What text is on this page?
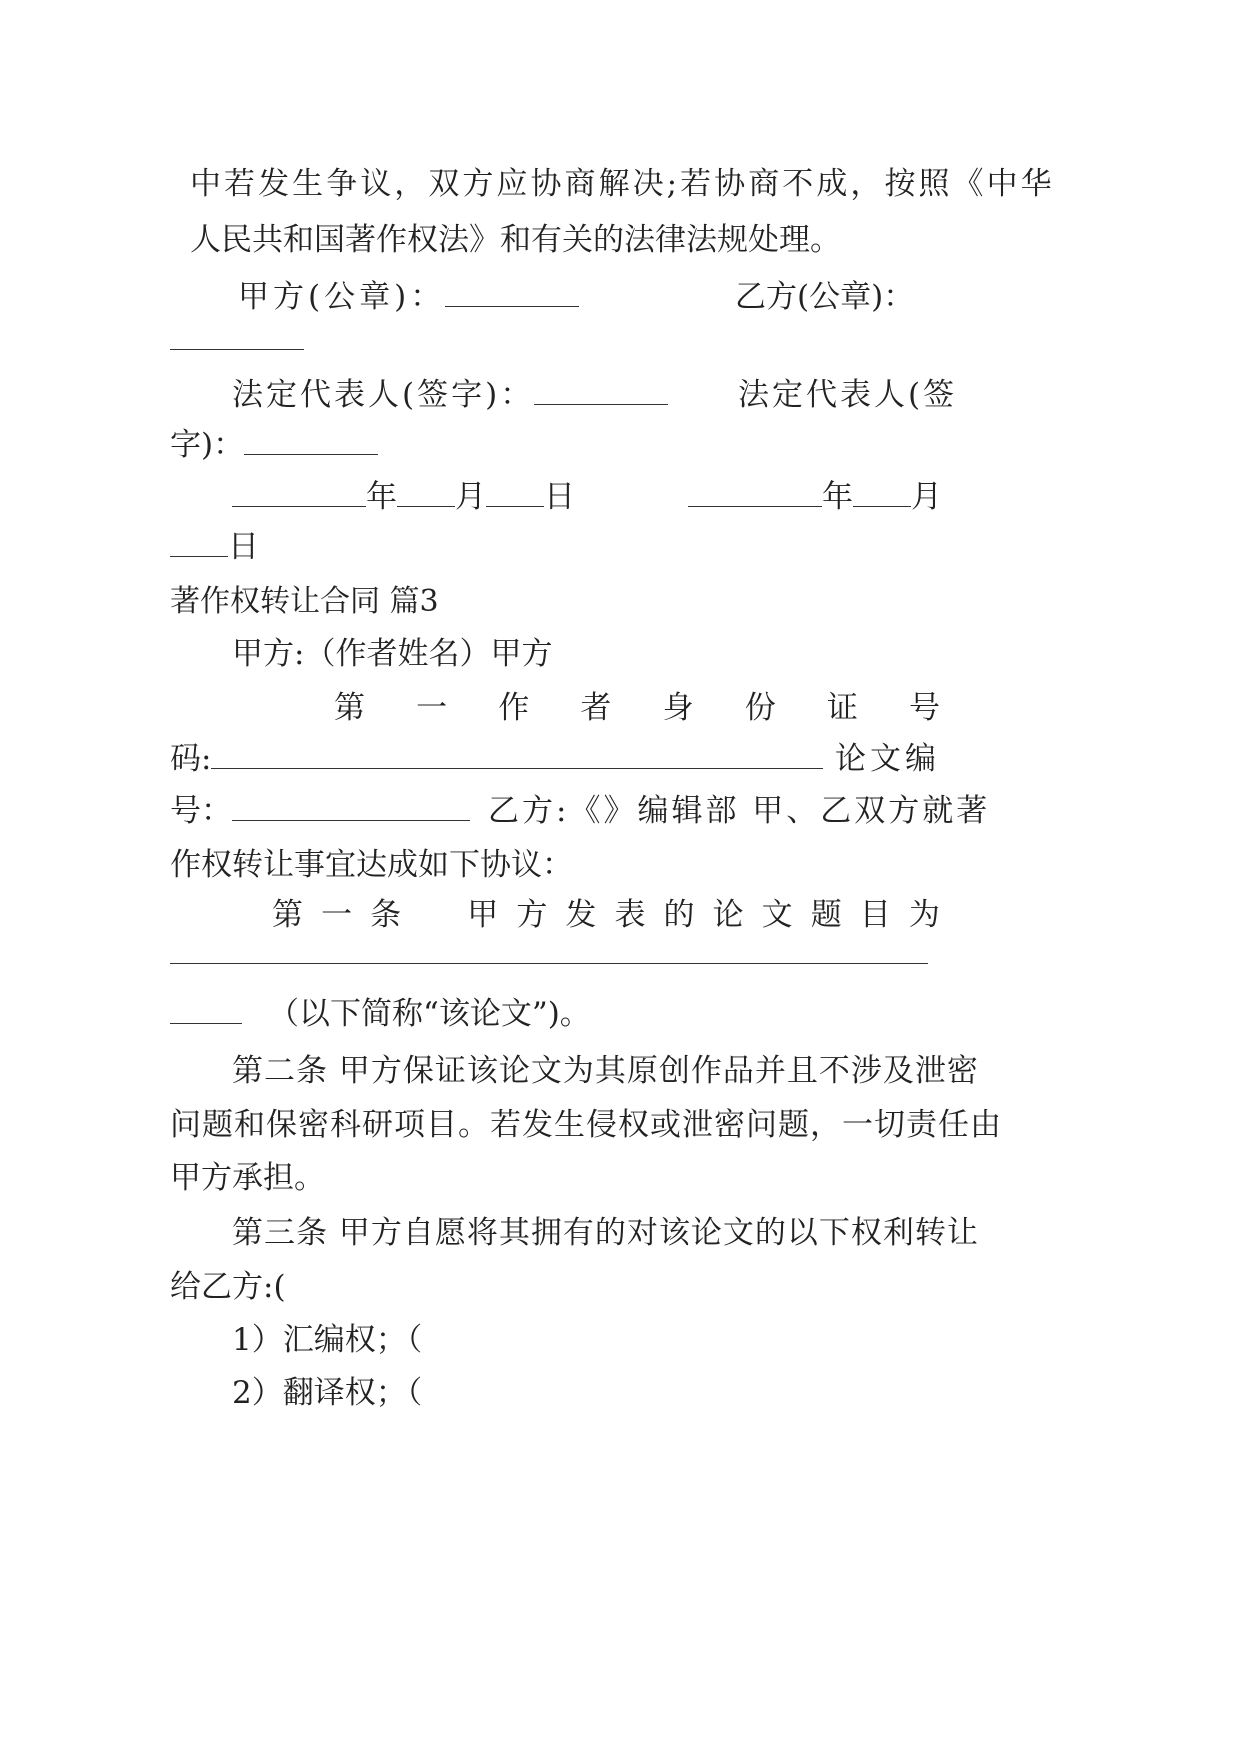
中 若 发 生 争 议 ， 双 方 应 协 商 解 决 ; 若 协 商 不 成 ， 按 照 《 中 华
人民共和国著作权法》和有关的法律法规处理。
甲方(公章)：	乙方(公章)：
法定代表人(签字)：	法定代表人(签
字)：
年 月 日	年 月
日
著作权转让合同 篇3
甲方:（作者姓名）甲方
第 一 作 者 身 份 证 号
码:	论文编
号：	乙方:《》编辑部 甲、乙双方就著
作权转让事宜达成如下协议：
第 一 条 甲 方 发 表 的 论 文 题 目 为
（以下简称“该论文”)。
第二条 甲方保证该论文为其原创作品并且不涉及泄密
问题和保密科研项目。若发生侵权或泄密问题，一切责任由
甲方承担。
第三条 甲方自愿将其拥有的对该论文的以下权利转让
给乙方:(
1）汇编权；（
2）翻译权；（
